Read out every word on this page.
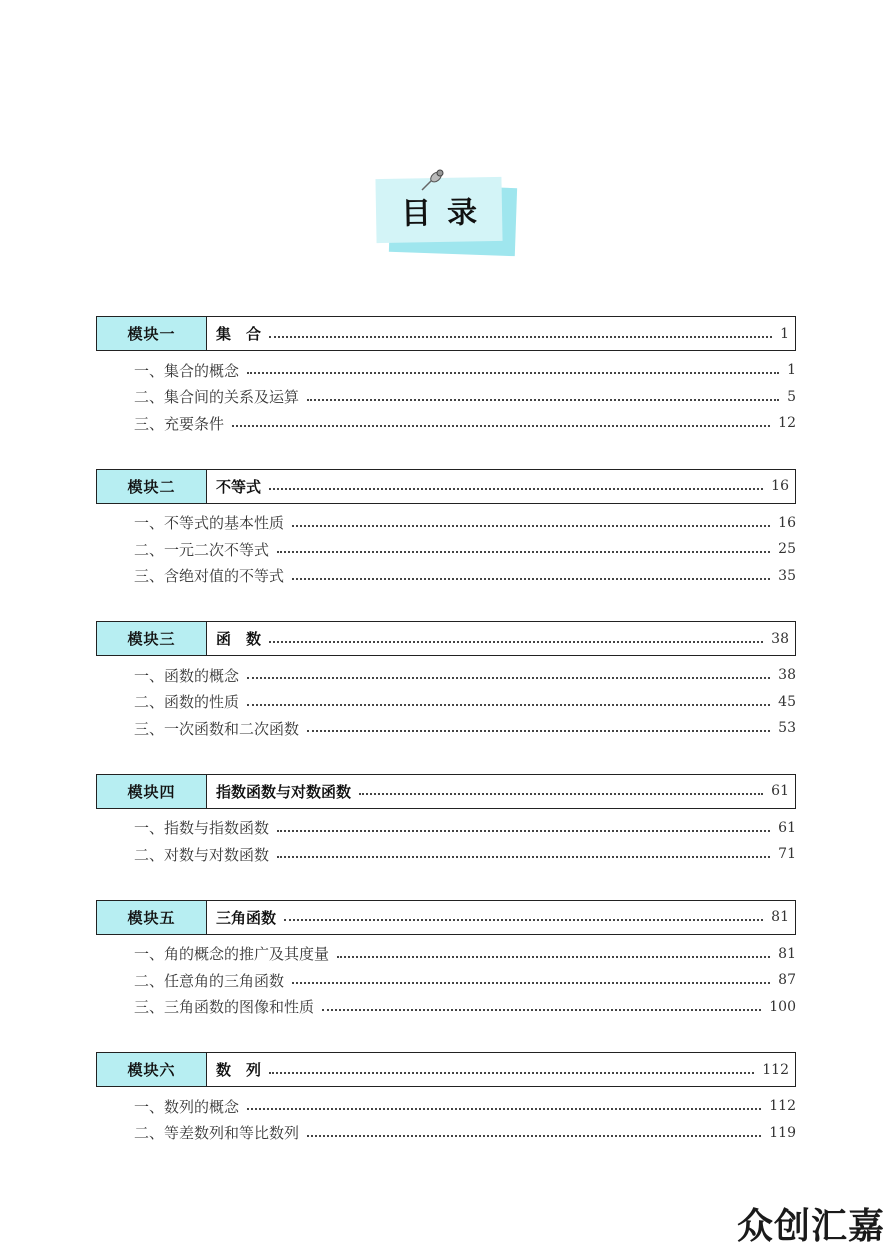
目录
模块一	集　合	1
一、集合的概念	1
二、集合间的关系及运算	5
三、充要条件	12
模块二	不等式	16
一、不等式的基本性质	16
二、一元二次不等式	25
三、含绝对值的不等式	35
模块三	函　数	38
一、函数的概念	38
二、函数的性质	45
三、一次函数和二次函数	53
模块四	指数函数与对数函数	61
一、指数与指数函数	61
二、对数与对数函数	71
模块五	三角函数	81
一、角的概念的推广及其度量	81
二、任意角的三角函数	87
三、三角函数的图像和性质	100
模块六	数　列	112
一、数列的概念	112
二、等差数列和等比数列	119
众创汇嘉
